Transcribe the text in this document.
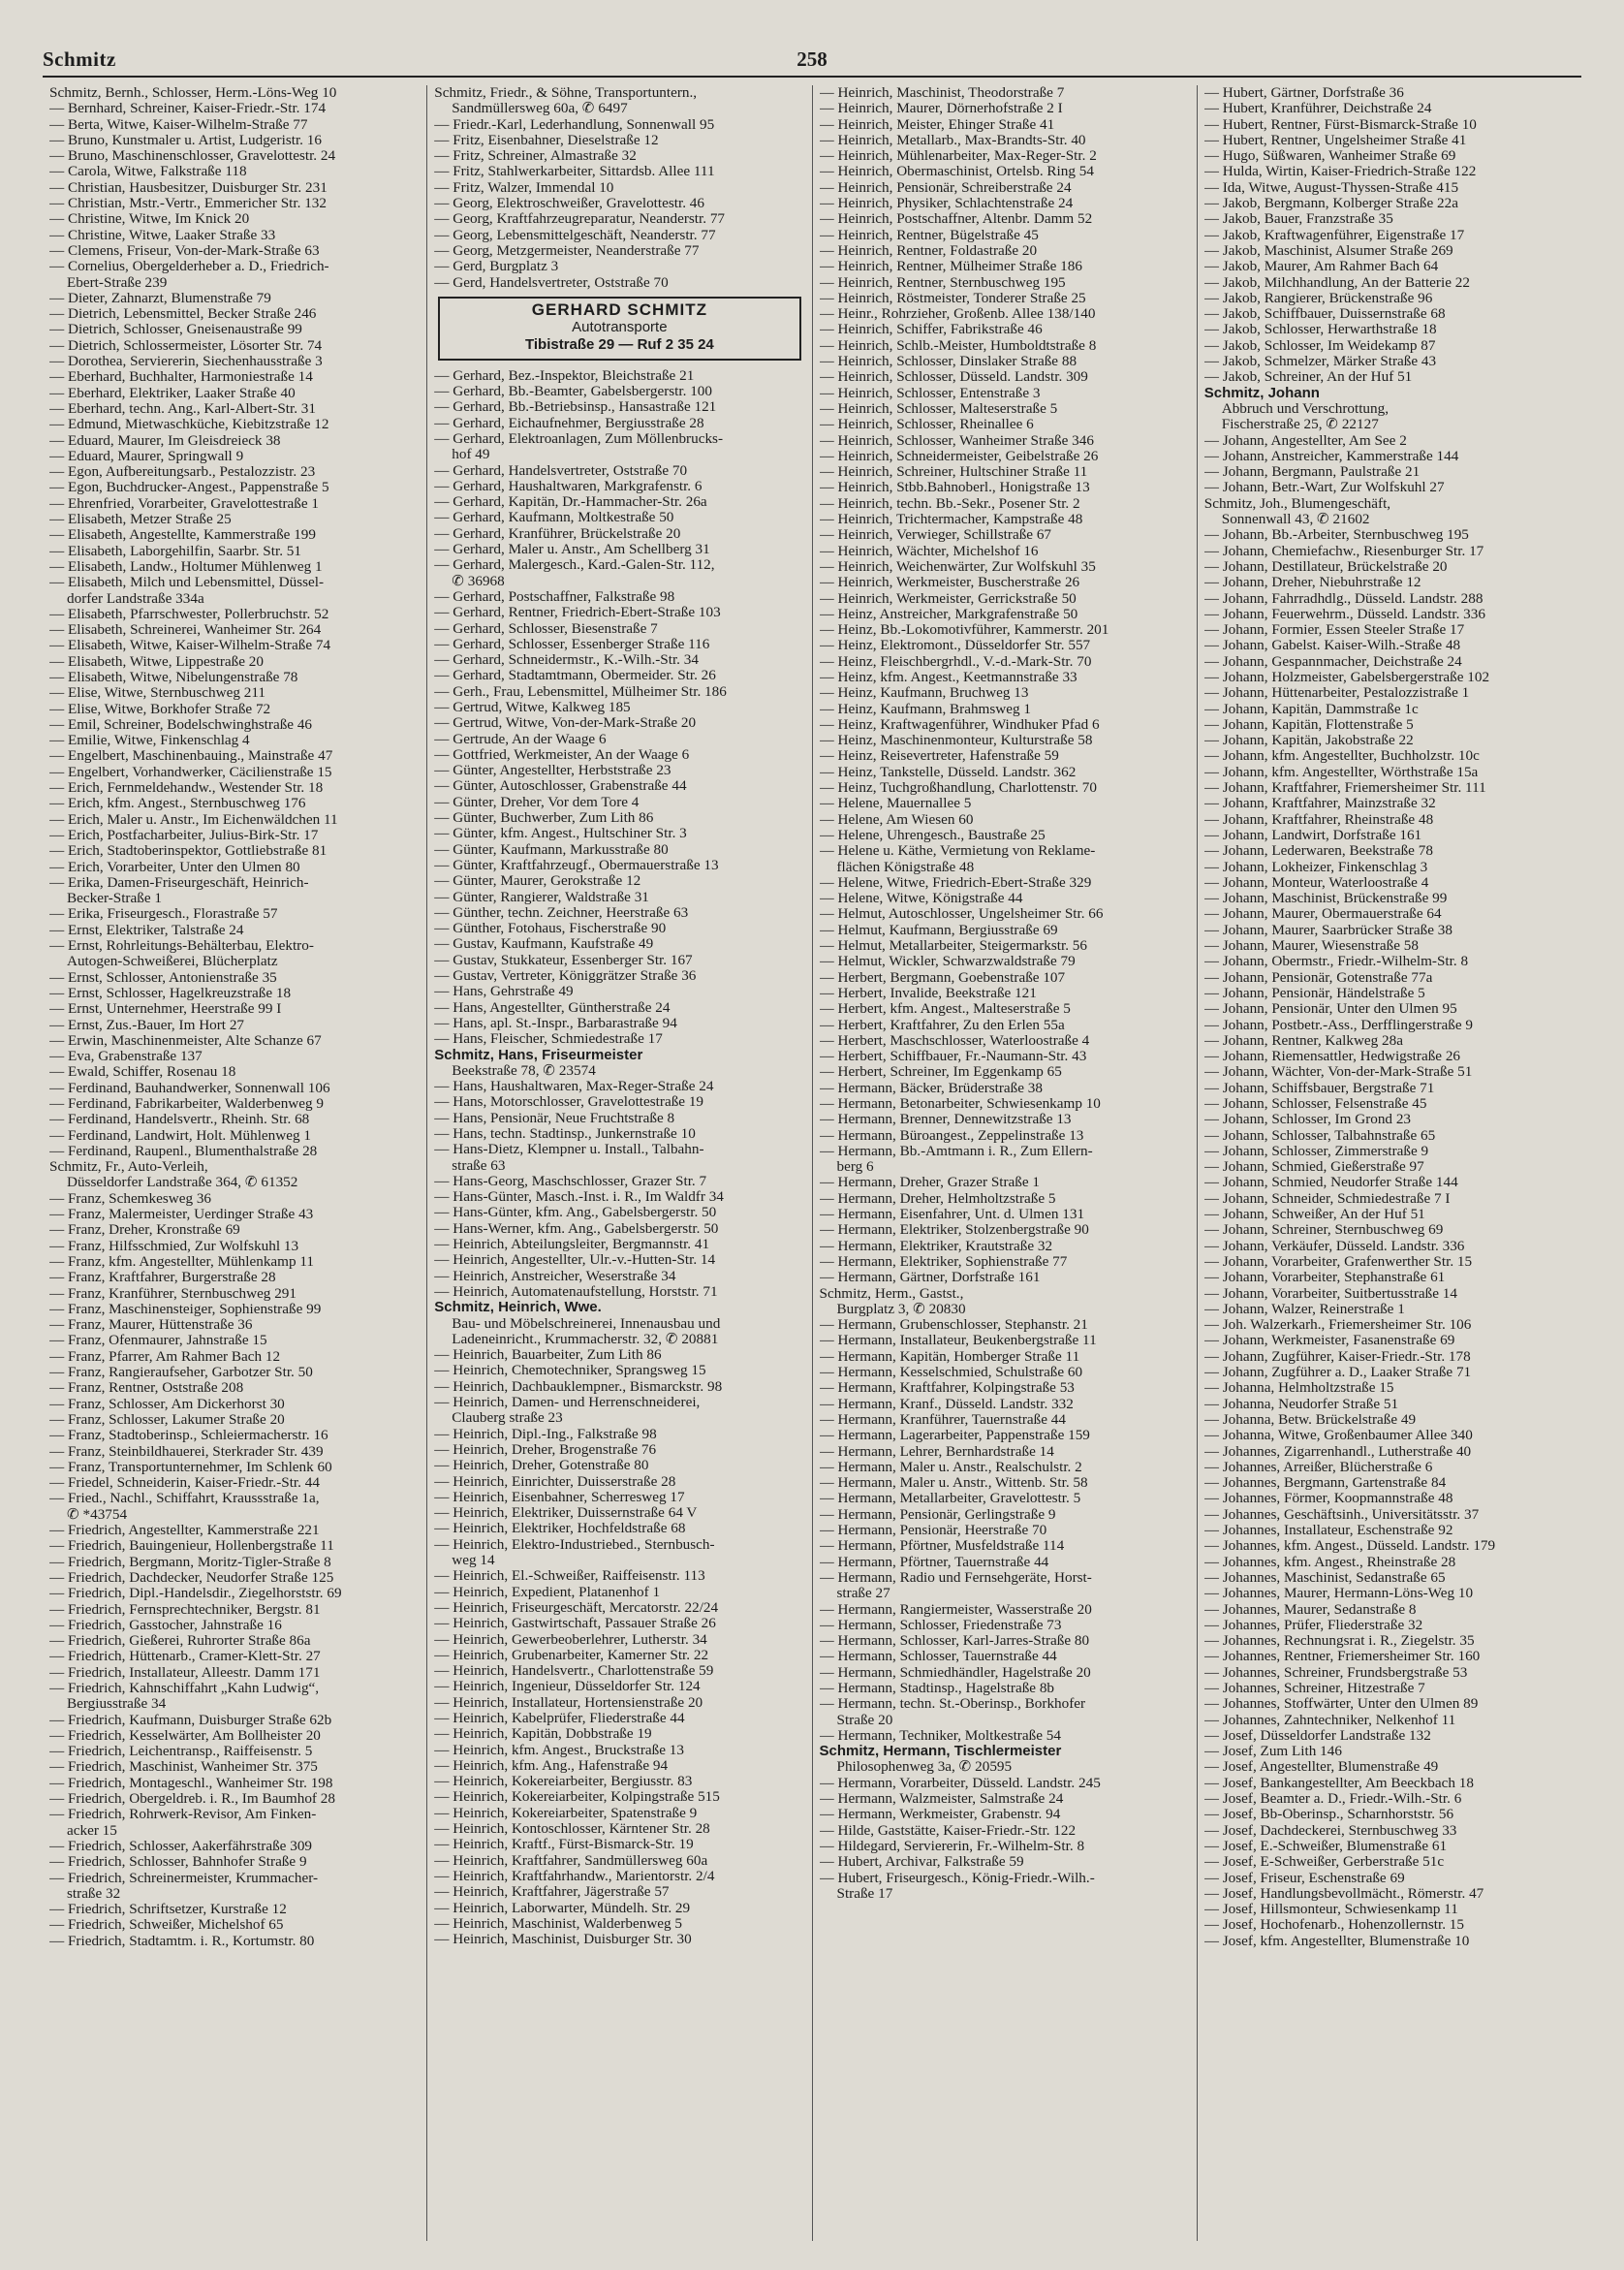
Schmitz	258
Schmitz, Bernh., Schlosser, Herm.-Löns-Weg 10
— Bernhard, Schreiner, Kaiser-Friedr.-Str. 174
— Berta, Witwe, Kaiser-Wilhelm-Straße 77
— Bruno, Kunstmaler u. Artist, Ludgeristr. 16
— Bruno, Maschinenschlosser, Gravelottestr. 24
— Carola, Witwe, Falkstraße 118
— Christian, Hausbesitzer, Duisburger Str. 231
— Christian, Mstr.-Vertr., Emmericher Str. 132
— Christine, Witwe, Im Knick 20
— Christine, Witwe, Laaker Straße 33
— Clemens, Friseur, Von-der-Mark-Straße 63
— Cornelius, Obergelderheber a. D., Friedrich-
Ebert-Straße 239
— Dieter, Zahnarzt, Blumenstraße 79
— Dietrich, Lebensmittel, Becker Straße 246
— Dietrich, Schlosser, Gneisenaustraße 99
— Dietrich, Schlossermeister, Lösorter Str. 74
— Dorothea, Serviererin, Siechenhausstraße 3
— Eberhard, Buchhalter, Harmoniestraße 14
— Eberhard, Elektriker, Laaker Straße 40
— Eberhard, techn. Ang., Karl-Albert-Str. 31
— Edmund, Mietwaschküche, Kiebitzstraße 12
— Eduard, Maurer, Im Gleisdreieck 38
— Eduard, Maurer, Springwall 9
— Egon, Aufbereitungsarb., Pestalozzistr. 23
— Egon, Buchdrucker-Angest., Pappenstraße 5
— Ehrenfried, Vorarbeiter, Gravelottestraße 1
— Elisabeth, Metzer Straße 25
— Elisabeth, Angestellte, Kammerstraße 199
— Elisabeth, Laborgehilfin, Saarbr. Str. 51
— Elisabeth, Landw., Holtumer Mühlenweg 1
— Elisabeth, Milch und Lebensmittel, Düssel-
dorfer Landstraße 334a
— Elisabeth, Pfarrschwester, Pollerbruchstr. 52
— Elisabeth, Schreinerei, Wanheimer Str. 264
— Elisabeth, Witwe, Kaiser-Wilhelm-Straße 74
— Elisabeth, Witwe, Lippestraße 20
— Elisabeth, Witwe, Nibelungenstraße 78
— Elise, Witwe, Sternbuschweg 211
— Elise, Witwe, Borkhofer Straße 72
— Emil, Schreiner, Bodelschwinghstraße 46
— Emilie, Witwe, Finkenschlag 4
— Engelbert, Maschinenbauing., Mainstraße 47
— Engelbert, Vorhandwerker, Cäcilienstraße 15
— Erich, Fernmeldehandw., Westender Str. 18
— Erich, kfm. Angest., Sternbuschweg 176
— Erich, Maler u. Anstr., Im Eichenwäldchen 11
— Erich, Postfacharbeiter, Julius-Birk-Str. 17
— Erich, Stadtoberinspektor, Gottliebstraße 81
— Erich, Vorarbeiter, Unter den Ulmen 80
— Erika, Damen-Friseurgeschäft, Heinrich-
Becker-Straße 1
— Erika, Friseurgesch., Florastraße 57
— Ernst, Elektriker, Talstraße 24
— Ernst, Rohrleitungs-Behälterbau, Elektro-
Autogen-Schweißerei, Blücherplatz
— Ernst, Schlosser, Antonienstraße 35
— Ernst, Schlosser, Hagelkreuzstraße 18
— Ernst, Unternehmer, Heerstraße 99 I
— Ernst, Zus.-Bauer, Im Hort 27
— Erwin, Maschinenmeister, Alte Schanze 67
— Eva, Grabenstraße 137
— Ewald, Schiffer, Rosenau 18
— Ferdinand, Bauhandwerker, Sonnenwall 106
— Ferdinand, Fabrikarbeiter, Walderbenweg 9
— Ferdinand, Handelsvertr., Rheinh. Str. 68
— Ferdinand, Landwirt, Holt. Mühlenweg 1
— Ferdinand, Raupenl., Blumenthalstraße 28
Schmitz, Fr., Auto-Verleih,
Düsseldorfer Landstraße 364, ✆ 61352
— Franz, Schemkesweg 36
— Franz, Malermeister, Uerdinger Straße 43
— Franz, Dreher, Kronstraße 69
— Franz, Hilfsschmied, Zur Wolfskuhl 13
— Franz, kfm. Angestellter, Mühlenkamp 11
— Franz, Kraftfahrer, Burgerstraße 28
— Franz, Kranführer, Sternbuschweg 291
— Franz, Maschinensteiger, Sophienstraße 99
— Franz, Maurer, Hüttenstraße 36
— Franz, Ofenmaurer, Jahnstraße 15
— Franz, Pfarrer, Am Rahmer Bach 12
— Franz, Rangieraufseher, Garbotzer Str. 50
— Franz, Rentner, Oststraße 208
— Franz, Schlosser, Am Dickerhorst 30
— Franz, Schlosser, Lakumer Straße 20
— Franz, Stadtoberinsp., Schleiermacherstr. 16
— Franz, Steinbildhauerei, Sterkrader Str. 439
— Franz, Transportunternehmer, Im Schlenk 60
— Friedel, Schneiderin, Kaiser-Friedr.-Str. 44
— Fried., Nachl., Schiffahrt, Kraussstraße 1a,
✆ *43754
— Friedrich, Angestellter, Kammerstraße 221
— Friedrich, Bauingenieur, Hollenbergstraße 11
— Friedrich, Bergmann, Moritz-Tigler-Straße 8
— Friedrich, Dachdecker, Neudorfer Straße 125
— Friedrich, Dipl.-Handelsdir., Ziegelhorststr. 69
— Friedrich, Fernsprechtechniker, Bergstr. 81
— Friedrich, Gasstocher, Jahnstraße 16
— Friedrich, Gießerei, Ruhrorter Straße 86a
— Friedrich, Hüttenarb., Cramer-Klett-Str. 27
— Friedrich, Installateur, Alleestr. Damm 171
— Friedrich, Kahnschiffahrt „Kahn Ludwig“,
Bergiusstraße 34
— Friedrich, Kaufmann, Duisburger Straße 62b
— Friedrich, Kesselwärter, Am Bollheister 20
— Friedrich, Leichentransp., Raiffeisenstr. 5
— Friedrich, Maschinist, Wanheimer Str. 375
— Friedrich, Montageschl., Wanheimer Str. 198
— Friedrich, Obergeldreb. i. R., Im Baumhof 28
— Friedrich, Rohrwerk-Revisor, Am Finken-
acker 15
— Friedrich, Schlosser, Aakerfährstraße 309
— Friedrich, Schlosser, Bahnhofer Straße 9
— Friedrich, Schreinermeister, Krummacher-
straße 32
— Friedrich, Schriftsetzer, Kurstraße 12
— Friedrich, Schweißer, Michelshof 65
— Friedrich, Stadtamtm. i. R., Kortumstr. 80
Schmitz, Friedr., & Söhne, Transportuntern.,
Sandmüllersweg 60a, ✆ 6497
— Friedr.-Karl, Lederhandlung, Sonnenwall 95
— Fritz, Eisenbahner, Dieselstraße 12
— Fritz, Schreiner, Almastraße 32
— Fritz, Stahlwerkarbeiter, Sittardsb. Allee 111
— Fritz, Walzer, Immendal 10
— Georg, Elektroschweißer, Gravelottestr. 46
— Georg, Kraftfahrzeugreparatur, Neanderstr. 77
— Georg, Lebensmittelgeschäft, Neanderstr. 77
— Georg, Metzgermeister, Neanderstraße 77
— Gerd, Burgplatz 3
— Gerd, Handelsvertreter, Oststraße 70
GERHARD SCHMITZ
Autotransporte
Tibistraße 29 — Ruf 2 35 24
— Gerhard, Bez.-Inspektor, Bleichstraße 21
— Gerhard, Bb.-Beamter, Gabelsbergerstr. 100
— Gerhard, Bb.-Betriebsinsp., Hansastraße 121
— Gerhard, Eichaufnehmer, Bergiusstraße 28
— Gerhard, Elektroanlagen, Zum Möllenbrucks-
hof 49
— Gerhard, Handelsvertreter, Oststraße 70
— Gerhard, Haushaltwaren, Markgrafenstr. 6
— Gerhard, Kapitän, Dr.-Hammacher-Str. 26a
— Gerhard, Kaufmann, Moltkestraße 50
— Gerhard, Kranführer, Brückelstraße 20
— Gerhard, Maler u. Anstr., Am Schellberg 31
— Gerhard, Malergesch., Kard.-Galen-Str. 112,
✆ 36968
— Gerhard, Postschaffner, Falkstraße 98
— Gerhard, Rentner, Friedrich-Ebert-Straße 103
— Gerhard, Schlosser, Biesenstraße 7
— Gerhard, Schlosser, Essenberger Straße 116
— Gerhard, Schneidermstr., K.-Wilh.-Str. 34
— Gerhard, Stadtamtmann, Obermeider. Str. 26
— Gerh., Frau, Lebensmittel, Mülheimer Str. 186
— Gertrud, Witwe, Kalkweg 185
— Gertrud, Witwe, Von-der-Mark-Straße 20
— Gertrude, An der Waage 6
— Gottfried, Werkmeister, An der Waage 6
— Günter, Angestellter, Herbststraße 23
— Günter, Autoschlosser, Grabenstraße 44
— Günter, Dreher, Vor dem Tore 4
— Günter, Buchwerber, Zum Lith 86
— Günter, kfm. Angest., Hultschiner Str. 3
— Günter, Kaufmann, Markusstraße 80
— Günter, Kraftfahrzeugf., Obermauerstraße 13
— Günter, Maurer, Gerokstraße 12
— Günter, Rangierer, Waldstraße 31
— Günther, techn. Zeichner, Heerstraße 63
— Günther, Fotohaus, Fischerstraße 90
— Gustav, Kaufmann, Kaufstraße 49
— Gustav, Stukkateur, Essenberger Str. 167
— Gustav, Vertreter, Königgrätzer Straße 36
— Hans, Gehrstraße 49
— Hans, Angestellter, Güntherstraße 24
— Hans, apl. St.-Inspr., Barbarastraße 94
— Hans, Fleischer, Schmiedestraße 17
Schmitz, Hans, Friseurmeister
Beekstraße 78, ✆ 23574
— Hans, Haushaltwaren, Max-Reger-Straße 24
— Hans, Motorschlosser, Gravelottestraße 19
— Hans, Pensionär, Neue Fruchtstraße 8
— Hans, techn. Stadtinsp., Junkernstraße 10
— Hans-Dietz, Klempner u. Install., Talbahn-
straße 63
— Hans-Georg, Maschschlosser, Grazer Str. 7
— Hans-Günter, Masch.-Inst. i. R., Im Waldfr 34
— Hans-Günter, kfm. Ang., Gabelsbergerstr. 50
— Hans-Werner, kfm. Ang., Gabelsbergerstr. 50
— Heinrich, Abteilungsleiter, Bergmannstr. 41
— Heinrich, Angestellter, Ulr.-v.-Hutten-Str. 14
— Heinrich, Anstreicher, Weserstraße 34
— Heinrich, Automatenaufstellung, Horststr. 71
Schmitz, Heinrich, Wwe.
Bau- und Möbelschreinerei, Innenausbau und
Ladeneinricht., Krummacherstr. 32, ✆ 20881
— Heinrich, Bauarbeiter, Zum Lith 86
— Heinrich, Chemotechniker, Sprangsweg 15
— Heinrich, Dachbauklempner., Bismarckstr. 98
— Heinrich, Damen- und Herrenschneiderei,
Clauberg straße 23
— Heinrich, Dipl.-Ing., Falkstraße 98
— Heinrich, Dreher, Brogenstraße 76
— Heinrich, Dreher, Gotenstraße 80
— Heinrich, Einrichter, Duisserstraße 28
— Heinrich, Eisenbahner, Scherresweg 17
— Heinrich, Elektriker, Duissernstraße 64 V
— Heinrich, Elektriker, Hochfeldstraße 68
— Heinrich, Elektro-Industriebed., Sternbusch-
weg 14
— Heinrich, El.-Schweißer, Raiffeisenstr. 113
— Heinrich, Expedient, Platanenhof 1
— Heinrich, Friseurgeschäft, Mercatorstr. 22/24
— Heinrich, Gastwirtschaft, Passauer Straße 26
— Heinrich, Gewerbeoberlehrer, Lutherstr. 34
— Heinrich, Grubenarbeiter, Kamerner Str. 22
— Heinrich, Handelsvertr., Charlottenstraße 59
— Heinrich, Ingenieur, Düsseldorfer Str. 124
— Heinrich, Installateur, Hortensienstraße 20
— Heinrich, Kabelprüfer, Fliederstraße 44
— Heinrich, Kapitän, Dobbstraße 19
— Heinrich, kfm. Angest., Bruckstraße 13
— Heinrich, kfm. Ang., Hafenstraße 94
— Heinrich, Kokereiarbeiter, Bergiusstr. 83
— Heinrich, Kokereiarbeiter, Kolpingstraße 515
— Heinrich, Kokereiarbeiter, Spatenstraße 9
— Heinrich, Kontoschlosser, Kärntener Str. 28
— Heinrich, Kraftf., Fürst-Bismarck-Str. 19
— Heinrich, Kraftfahrer, Sandmüllersweg 60a
— Heinrich, Kraftfahrhandw., Marientorstr. 2/4
— Heinrich, Kraftfahrer, Jägerstraße 57
— Heinrich, Laborwarter, Mündelh. Str. 29
— Heinrich, Maschinist, Walderbenweg 5
— Heinrich, Maschinist, Duisburger Str. 30
— Heinrich, Maschinist, Theodorstraße 7
— Heinrich, Maurer, Dörnerhofstraße 2 I
— Heinrich, Meister, Ehinger Straße 41
— Heinrich, Metallarb., Max-Brandts-Str. 40
— Heinrich, Mühlenarbeiter, Max-Reger-Str. 2
— Heinrich, Obermaschinist, Ortelsb. Ring 54
— Heinrich, Pensionär, Schreiberstraße 24
— Heinrich, Physiker, Schlachtenstraße 24
— Heinrich, Postschaffner, Altenbr. Damm 52
— Heinrich, Rentner, Bügelstraße 45
— Heinrich, Rentner, Foldastraße 20
— Heinrich, Rentner, Mülheimer Straße 186
— Heinrich, Rentner, Sternbuschweg 195
— Heinrich, Röstmeister, Tonderer Straße 25
— Heinr., Rohrzieher, Großenb. Allee 138/140
— Heinrich, Schiffer, Fabrikstraße 46
— Heinrich, Schlb.-Meister, Humboldtstraße 8
— Heinrich, Schlosser, Dinslaker Straße 88
— Heinrich, Schlosser, Düsseld. Landstr. 309
— Heinrich, Schlosser, Entenstraße 3
— Heinrich, Schlosser, Malteserstraße 5
— Heinrich, Schlosser, Rheinallee 6
— Heinrich, Schlosser, Wanheimer Straße 346
— Heinrich, Schneidermeister, Geibelstraße 26
— Heinrich, Schreiner, Hultschiner Straße 11
— Heinrich, Stbb.Bahnoberl., Honigstraße 13
— Heinrich, techn. Bb.-Sekr., Posener Str. 2
— Heinrich, Trichtermacher, Kampstraße 48
— Heinrich, Verwieger, Schillstraße 67
— Heinrich, Wächter, Michelshof 16
— Heinrich, Weichenwärter, Zur Wolfskuhl 35
— Heinrich, Werkmeister, Buscherstraße 26
— Heinrich, Werkmeister, Gerrickstraße 50
— Heinz, Anstreicher, Markgrafenstraße 50
— Heinz, Bb.-Lokomotivführer, Kammerstr. 201
— Heinz, Elektromont., Düsseldorfer Str. 557
— Heinz, Fleischbergrhdl., V.-d.-Mark-Str. 70
— Heinz, kfm. Angest., Keetmannstraße 33
— Heinz, Kaufmann, Bruchweg 13
— Heinz, Kaufmann, Brahmsweg 1
— Heinz, Kraftwagenführer, Windhuker Pfad 6
— Heinz, Maschinenmonteur, Kulturstraße 58
— Heinz, Reisevertreter, Hafenstraße 59
— Heinz, Tankstelle, Düsseld. Landstr. 362
— Heinz, Tuchgroßhandlung, Charlottenstr. 70
— Helene, Mauernallee 5
— Helene, Am Wiesen 60
— Helene, Uhrengesch., Baustraße 25
— Helene u. Käthe, Vermietung von Reklame-
flächen Königstraße 48
— Helene, Witwe, Friedrich-Ebert-Straße 329
— Helene, Witwe, Königstraße 44
— Helmut, Autoschlosser, Ungelsheimer Str. 66
— Helmut, Kaufmann, Bergiusstraße 69
— Helmut, Metallarbeiter, Steigermarkstr. 56
— Helmut, Wickler, Schwarzwaldstraße 79
— Herbert, Bergmann, Goebenstraße 107
— Herbert, Invalide, Beekstraße 121
— Herbert, kfm. Angest., Malteserstraße 5
— Herbert, Kraftfahrer, Zu den Erlen 55a
— Herbert, Maschschlosser, Waterloostraße 4
— Herbert, Schiffbauer, Fr.-Naumann-Str. 43
— Herbert, Schreiner, Im Eggenkamp 65
— Hermann, Bäcker, Brüderstraße 38
— Hermann, Betonarbeiter, Schwiesenkamp 10
— Hermann, Brenner, Dennewitzstraße 13
— Hermann, Büroangest., Zeppelinstraße 13
— Hermann, Bb.-Amtmann i. R., Zum Ellern-
berg 6
— Hermann, Dreher, Grazer Straße 1
— Hermann, Dreher, Helmholtzstraße 5
— Hermann, Eisenfahrer, Unt. d. Ulmen 131
— Hermann, Elektriker, Stolzenbergstraße 90
— Hermann, Elektriker, Krautstraße 32
— Hermann, Elektriker, Sophienstraße 77
— Hermann, Gärtner, Dorfstraße 161
Schmitz, Herm., Gastst.,
Burgplatz 3, ✆ 20830
— Hermann, Grubenschlosser, Stephanstr. 21
— Hermann, Installateur, Beukenbergstraße 11
— Hermann, Kapitän, Homberger Straße 11
— Hermann, Kesselschmied, Schulstraße 60
— Hermann, Kraftfahrer, Kolpingstraße 53
— Hermann, Kranf., Düsseld. Landstr. 332
— Hermann, Kranführer, Tauernstraße 44
— Hermann, Lagerarbeiter, Pappenstraße 159
— Hermann, Lehrer, Bernhardstraße 14
— Hermann, Maler u. Anstr., Realschulstr. 2
— Hermann, Maler u. Anstr., Wittenb. Str. 58
— Hermann, Metallarbeiter, Gravelottestr. 5
— Hermann, Pensionär, Gerlingstraße 9
— Hermann, Pensionär, Heerstraße 70
— Hermann, Pförtner, Musfeldstraße 114
— Hermann, Pförtner, Tauernstraße 44
— Hermann, Radio und Fernsehgeräte, Horst-
straße 27
— Hermann, Rangiermeister, Wasserstraße 20
— Hermann, Schlosser, Friedenstraße 73
— Hermann, Schlosser, Karl-Jarres-Straße 80
— Hermann, Schlosser, Tauernstraße 44
— Hermann, Schmiedhändler, Hagelstraße 20
— Hermann, Stadtinsp., Hagelstraße 8b
— Hermann, techn. St.-Oberinsp., Borkhofer
Straße 20
— Hermann, Techniker, Moltkestraße 54
Schmitz, Hermann, Tischlermeister
Philosophenweg 3a, ✆ 20595
— Hermann, Vorarbeiter, Düsseld. Landstr. 245
— Hermann, Walzmeister, Salmstraße 24
— Hermann, Werkmeister, Grabenstr. 94
— Hilde, Gaststätte, Kaiser-Friedr.-Str. 122
— Hildegard, Serviererin, Fr.-Wilhelm-Str. 8
— Hubert, Archivar, Falkstraße 59
— Hubert, Friseurgesch., König-Friedr.-Wilh.-
Straße 17
— Hubert, Gärtner, Dorfstraße 36
— Hubert, Kranführer, Deichstraße 24
— Hubert, Rentner, Fürst-Bismarck-Straße 10
— Hubert, Rentner, Ungelsheimer Straße 41
— Hugo, Süßwaren, Wanheimer Straße 69
— Hulda, Wirtin, Kaiser-Friedrich-Straße 122
— Ida, Witwe, August-Thyssen-Straße 415
— Jakob, Bergmann, Kolberger Straße 22a
— Jakob, Bauer, Franzstraße 35
— Jakob, Kraftwagenführer, Eigenstraße 17
— Jakob, Maschinist, Alsumer Straße 269
— Jakob, Maurer, Am Rahmer Bach 64
— Jakob, Milchhandlung, An der Batterie 22
— Jakob, Rangierer, Brückenstraße 96
— Jakob, Schiffbauer, Duissernstraße 68
— Jakob, Schlosser, Herwarthstraße 18
— Jakob, Schlosser, Im Weidekamp 87
— Jakob, Schmelzer, Märker Straße 43
— Jakob, Schreiner, An der Huf 51
Schmitz, Johann
Abbruch und Verschrottung,
Fischerstraße 25, ✆ 22127
— Johann, Angestellter, Am See 2
— Johann, Anstreicher, Kammerstraße 144
— Johann, Bergmann, Paulstraße 21
— Johann, Betr.-Wart, Zur Wolfskuhl 27
Schmitz, Joh., Blumengeschäft,
Sonnenwall 43, ✆ 21602
— Johann, Bb.-Arbeiter, Sternbuschweg 195
— Johann, Chemiefachw., Riesenburger Str. 17
— Johann, Destillateur, Brückelstraße 20
— Johann, Dreher, Niebuhrstraße 12
— Johann, Fahrradhdlg., Düsseld. Landstr. 288
— Johann, Feuerwehrm., Düsseld. Landstr. 336
— Johann, Formier, Essen Steeler Straße 17
— Johann, Gabelst. Kaiser-Wilh.-Straße 48
— Johann, Gespannmacher, Deichstraße 24
— Johann, Holzmeister, Gabelsbergerstraße 102
— Johann, Hüttenarbeiter, Pestalozzistraße 1
— Johann, Kapitän, Dammstraße 1c
— Johann, Kapitän, Flottenstraße 5
— Johann, Kapitän, Jakobstraße 22
— Johann, kfm. Angestellter, Buchholzstr. 10c
— Johann, kfm. Angestellter, Wörthstraße 15a
— Johann, Kraftfahrer, Friemersheimer Str. 111
— Johann, Kraftfahrer, Mainzstraße 32
— Johann, Kraftfahrer, Rheinstraße 48
— Johann, Landwirt, Dorfstraße 161
— Johann, Lederwaren, Beekstraße 78
— Johann, Lokheizer, Finkenschlag 3
— Johann, Monteur, Waterloostraße 4
— Johann, Maschinist, Brückenstraße 99
— Johann, Maurer, Obermauerstraße 64
— Johann, Maurer, Saarbrücker Straße 38
— Johann, Maurer, Wiesenstraße 58
— Johann, Obermstr., Friedr.-Wilhelm-Str. 8
— Johann, Pensionär, Gotenstraße 77a
— Johann, Pensionär, Händelstraße 5
— Johann, Pensionär, Unter den Ulmen 95
— Johann, Postbetr.-Ass., Derfflingerstraße 9
— Johann, Rentner, Kalkweg 28a
— Johann, Riemensattler, Hedwigstraße 26
— Johann, Wächter, Von-der-Mark-Straße 51
— Johann, Schiffsbauer, Bergstraße 71
— Johann, Schlosser, Felsenstraße 45
— Johann, Schlosser, Im Grond 23
— Johann, Schlosser, Talbahnstraße 65
— Johann, Schlosser, Zimmerstraße 9
— Johann, Schmied, Gießerstraße 97
— Johann, Schmied, Neudorfer Straße 144
— Johann, Schneider, Schmiedestraße 7 I
— Johann, Schweißer, An der Huf 51
— Johann, Schreiner, Sternbuschweg 69
— Johann, Verkäufer, Düsseld. Landstr. 336
— Johann, Vorarbeiter, Grafenwerther Str. 15
— Johann, Vorarbeiter, Stephanstraße 61
— Johann, Vorarbeiter, Suitbertusstraße 14
— Johann, Walzer, Reinerstraße 1
— Joh. Walzerkarh., Friemersheimer Str. 106
— Johann, Werkmeister, Fasanenstraße 69
— Johann, Zugführer, Kaiser-Friedr.-Str. 178
— Johann, Zugführer a. D., Laaker Straße 71
— Johanna, Helmholtzstraße 15
— Johanna, Neudorfer Straße 51
— Johanna, Betw. Brückelstraße 49
— Johanna, Witwe, Großenbaumer Allee 340
— Johannes, Zigarrenhandl., Lutherstraße 40
— Johannes, Arreißer, Blücherstraße 6
— Johannes, Bergmann, Gartenstraße 84
— Johannes, Förmer, Koopmannstraße 48
— Johannes, Geschäftsinh., Universitätsstr. 37
— Johannes, Installateur, Eschenstraße 92
— Johannes, kfm. Angest., Düsseld. Landstr. 179
— Johannes, kfm. Angest., Rheinstraße 28
— Johannes, Maschinist, Sedanstraße 65
— Johannes, Maurer, Hermann-Löns-Weg 10
— Johannes, Maurer, Sedanstraße 8
— Johannes, Prüfer, Fliederstraße 32
— Johannes, Rechnungsrat i. R., Ziegelstr. 35
— Johannes, Rentner, Friemersheimer Str. 160
— Johannes, Schreiner, Frundsbergstraße 53
— Johannes, Schreiner, Hitzestraße 7
— Johannes, Stoffwärter, Unter den Ulmen 89
— Johannes, Zahntechniker, Nelkenhof 11
— Josef, Düsseldorfer Landstraße 132
— Josef, Zum Lith 146
— Josef, Angestellter, Blumenstraße 49
— Josef, Bankangestellter, Am Beeckbach 18
— Josef, Beamter a. D., Friedr.-Wilh.-Str. 6
— Josef, Bb-Oberinsp., Scharnhorststr. 56
— Josef, Dachdeckerei, Sternbuschweg 33
— Josef, E.-Schweißer, Blumenstraße 61
— Josef, E-Schweißer, Gerberstraße 51c
— Josef, Friseur, Eschenstraße 69
— Josef, Handlungsbevollmächt., Römerstr. 47
— Josef, Hillsmonteur, Schwiesenkamp 11
— Josef, Hochofenarb., Hohenzollernstr. 15
— Josef, kfm. Angestellter, Blumenstraße 10
